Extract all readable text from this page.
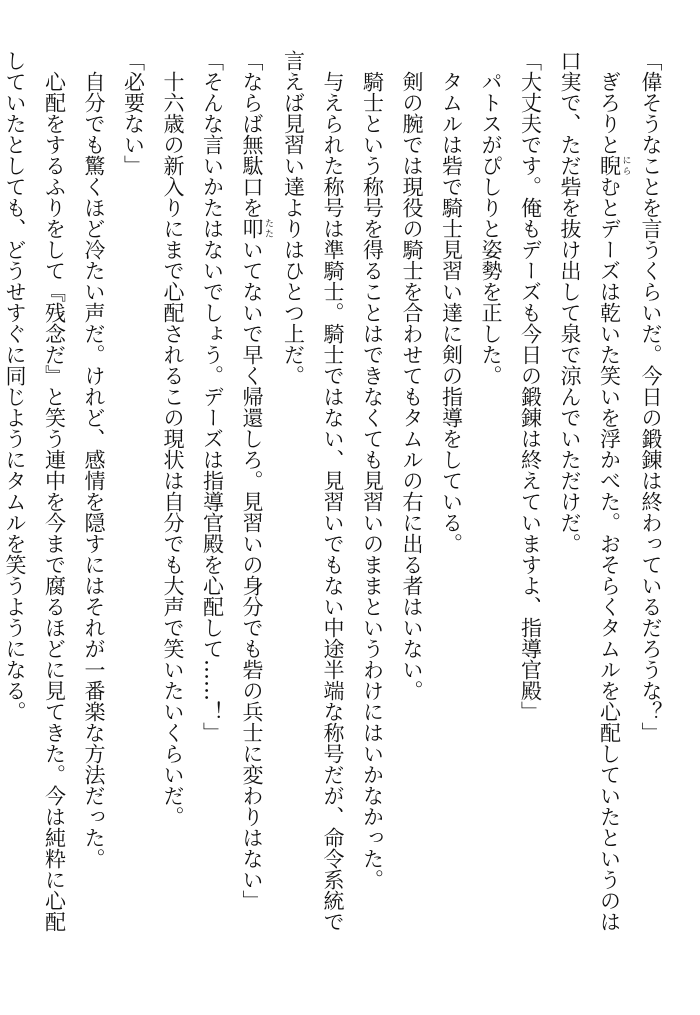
「偉そうなことを言うくらいだ。今日の鍛錬は終わっているだろうな？」

ぎろりと睨 にらむとデーズは乾いた笑いを浮かべた。おそらくタムルを心配していたというのは

口実で、ただ砦を抜け出して泉で涼んでいただけだ。

「大丈夫です。俺もデーズも今日の鍛錬は終えていますよ、指導官殿」

パトスがぴしりと姿勢を正した。

タムルは砦で騎士見習い達に剣の指導をしている。

剣の腕では現役の騎士を合わせてもタムルの右に出る者はいない。

騎士という称号を得ることはできなくても見習いのままというわけにはいかなかった。

与えられた称号は準騎士。騎士ではない、見習いでもない中途半端な称号だが、命令系統で

言えば見習い達よりはひとつ上だ。

「ならば無駄口を叩 たたいてないで早く帰還しろ。見習いの身分でも砦の兵士に変わりはない」

「そんな言いかたはないでしょう。デーズは指導官殿を心配して……！」

十六歳の新入りにまで心配されるこの現状は自分でも大声で笑いたいくらいだ。

「必要ない」

自分でも驚くほど冷たい声だ。けれど、感情を隠すにはそれが一番楽な方法だった。

心配をするふりをして『残念だ』と笑う連中を今まで腐るほどに見てきた。今は純粋に心配

していたとしても、どうせすぐに同じようにタムルを笑うようになる。
